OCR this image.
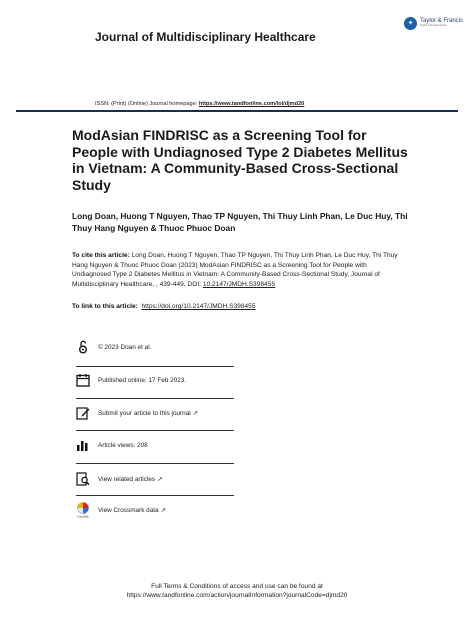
✦	Taylor & Francis
Taylor & Francis Group
Journal of Multidisciplinary Healthcare
ISSN: (Print) (Online) Journal homepage: https://www.tandfonline.com/loi/djmd20
ModAsian FINDRISC as a Screening Tool for People with Undiagnosed Type 2 Diabetes Mellitus in Vietnam: A Community-Based Cross-Sectional Study
Long Doan, Huong T Nguyen, Thao TP Nguyen, Thi Thuy Linh Phan, Le Duc Huy, Thi Thuy Hang Nguyen & Thuoc Phuoc Doan
To cite this article: Long Doan, Huong T Nguyen, Thao TP Nguyen, Thi Thuy Linh Phan, Le Duc Huy, Thi Thuy Hang Nguyen & Thuoc Phuoc Doan (2023) ModAsian FINDRISC as a Screening Tool for People with Undiagnosed Type 2 Diabetes Mellitus in Vietnam: A Community-Based Cross-Sectional Study, Journal of Multidisciplinary Healthcare, , 439-449, DOI: 10.2147/JMDH.S398455
To link to this article: https://doi.org/10.2147/JMDH.S398455
© 2023 Doan et al.
Published online: 17 Feb 2023.
Submit your article to this journal ↗
Article views: 208
View related articles ↗
CrossMark
View Crossmark data ↗
Full Terms & Conditions of access and use can be found at
https://www.tandfonline.com/action/journalInformation?journalCode=djmd20
